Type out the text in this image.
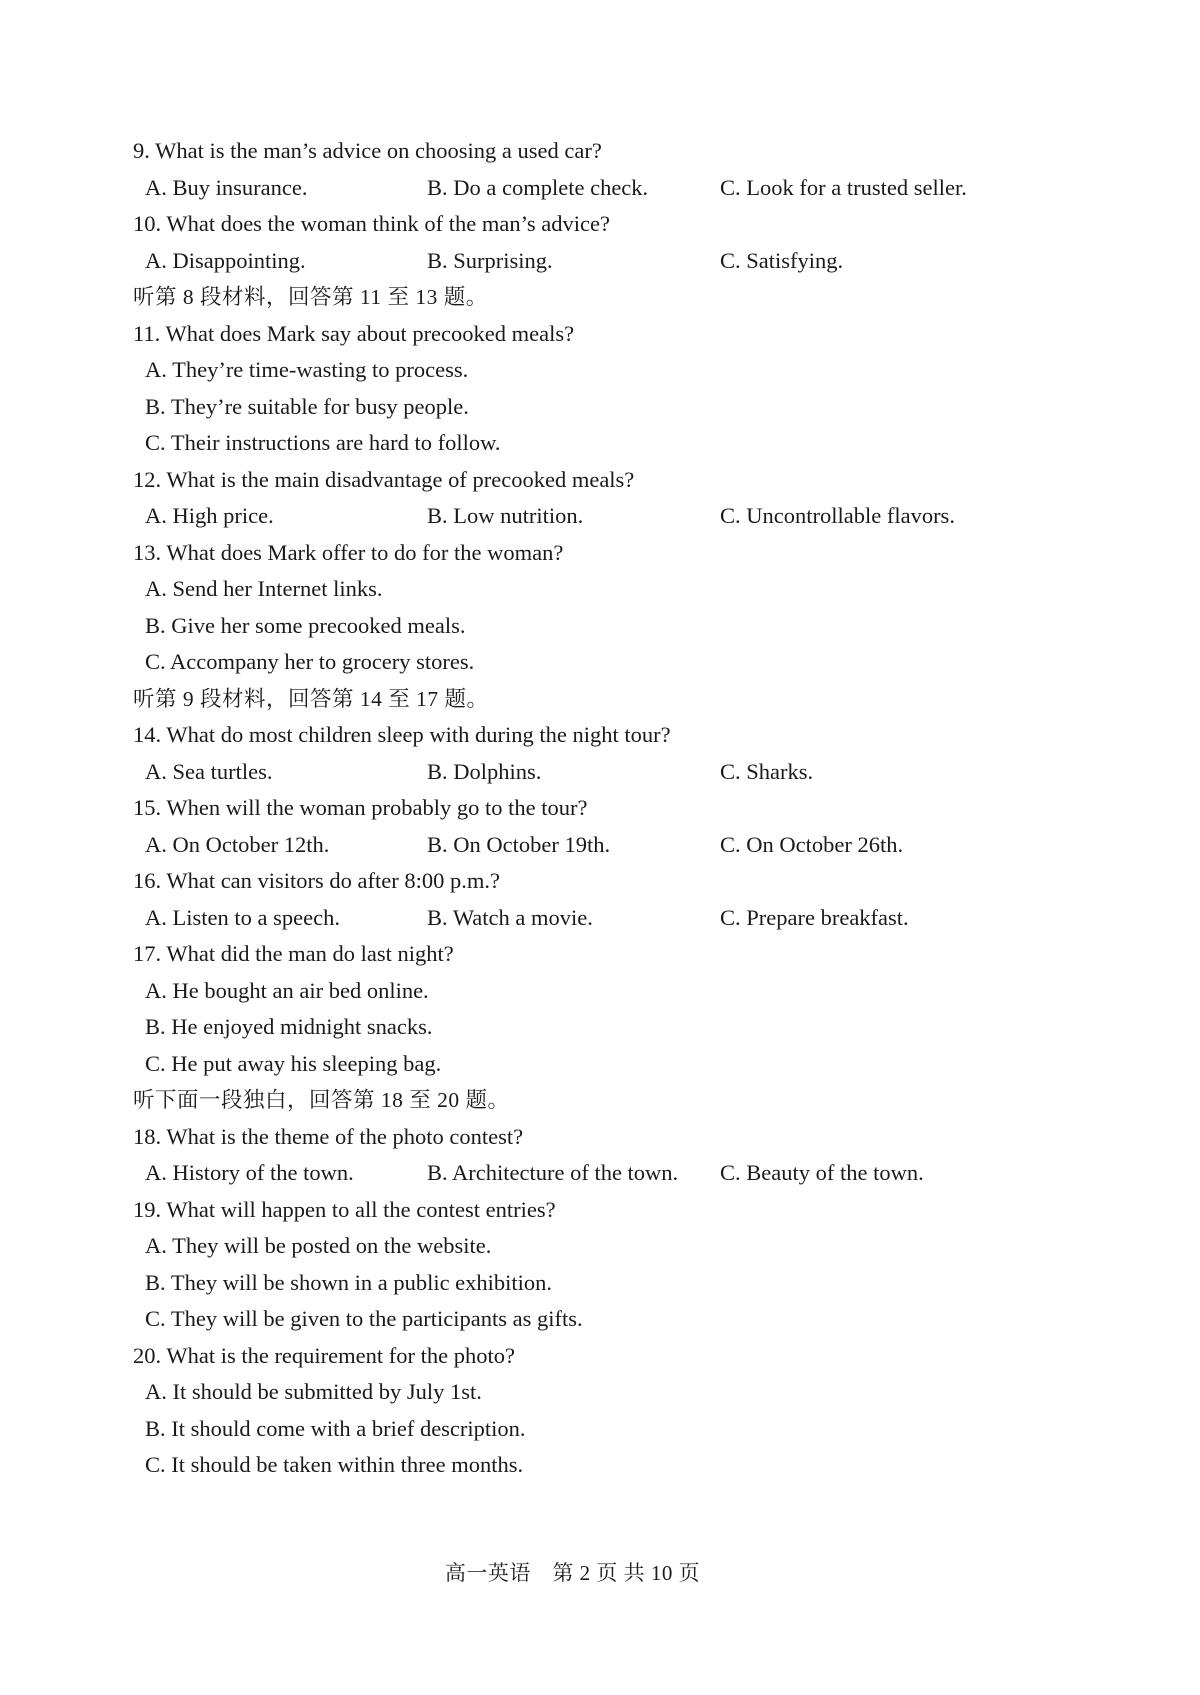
9. What is the man’s advice on choosing a used car?
A. Buy insurance.	B. Do a complete check.	C. Look for a trusted seller.
10. What does the woman think of the man’s advice?
A. Disappointing.	B. Surprising.	C. Satisfying.
听第 8 段材料，回答第 11 至 13 题。
11. What does Mark say about precooked meals?
A. They’re time-wasting to process.
B. They’re suitable for busy people.
C. Their instructions are hard to follow.
12. What is the main disadvantage of precooked meals?
A. High price.	B. Low nutrition.	C. Uncontrollable flavors.
13. What does Mark offer to do for the woman?
A. Send her Internet links.
B. Give her some precooked meals.
C. Accompany her to grocery stores.
听第 9 段材料，回答第 14 至 17 题。
14. What do most children sleep with during the night tour?
A. Sea turtles.	B. Dolphins.	C. Sharks.
15. When will the woman probably go to the tour?
A. On October 12th.	B. On October 19th.	C. On October 26th.
16. What can visitors do after 8:00 p.m.?
A. Listen to a speech.	B. Watch a movie.	C. Prepare breakfast.
17. What did the man do last night?
A. He bought an air bed online.
B. He enjoyed midnight snacks.
C. He put away his sleeping bag.
听下面一段独白，回答第 18 至 20 题。
18. What is the theme of the photo contest?
A. History of the town.	B. Architecture of the town.	C. Beauty of the town.
19. What will happen to all the contest entries?
A. They will be posted on the website.
B. They will be shown in a public exhibition.
C. They will be given to the participants as gifts.
20. What is the requirement for the photo?
A. It should be submitted by July 1st.
B. It should come with a brief description.
C. It should be taken within three months.
高一英语　第 2 页 共 10 页
